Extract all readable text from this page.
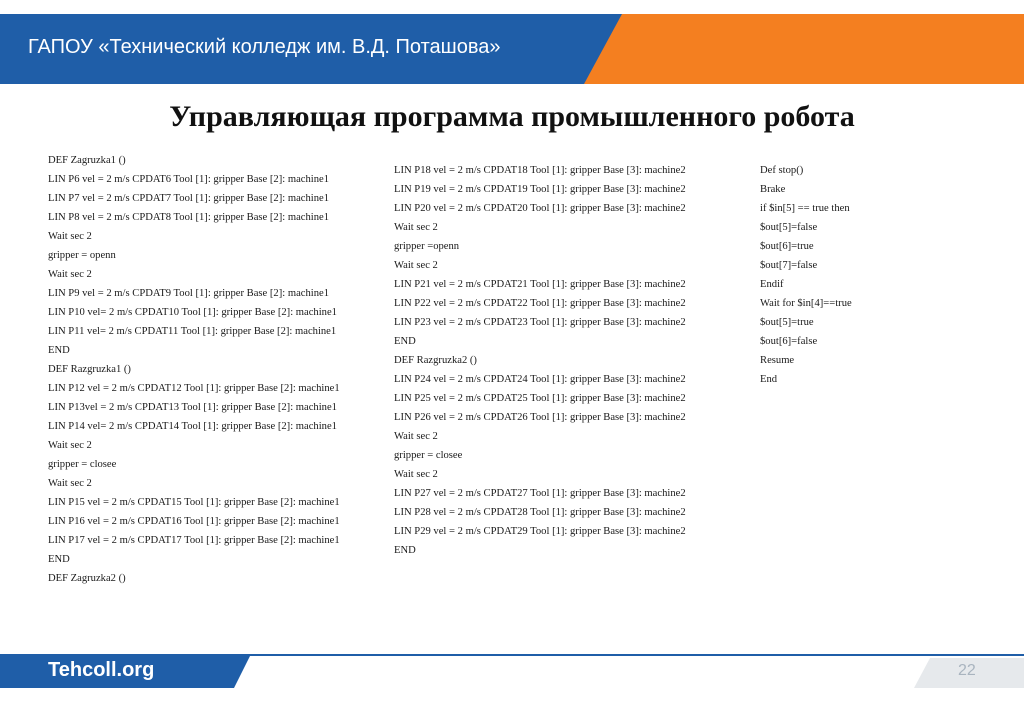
ГАПОУ «Технический колледж им. В.Д. Поташова»
Управляющая программа промышленного робота
DEF Zagruzka1 ()
LIN P6 vel = 2 m/s CPDAT6 Tool [1]: gripper Base [2]: machine1
LIN P7 vel = 2 m/s CPDAT7 Tool [1]: gripper Base [2]: machine1
LIN P8 vel = 2 m/s CPDAT8 Tool [1]: gripper Base [2]: machine1
Wait sec 2
gripper = openn
Wait sec 2
LIN P9 vel = 2 m/s CPDAT9 Tool [1]: gripper Base [2]: machine1
LIN P10 vel= 2 m/s CPDAT10 Tool [1]: gripper Base [2]: machine1
LIN P11 vel= 2 m/s CPDAT11 Tool [1]: gripper Base [2]: machine1
END
DEF Razgruzka1 ()
LIN P12 vel = 2 m/s CPDAT12 Tool [1]: gripper Base [2]: machine1
LIN P13vel = 2 m/s CPDAT13 Tool [1]: gripper Base [2]: machine1
LIN P14 vel= 2 m/s CPDAT14 Tool [1]: gripper Base [2]: machine1
Wait sec 2
gripper = closee
Wait sec 2
LIN P15 vel = 2 m/s CPDAT15 Tool [1]: gripper Base [2]: machine1
LIN P16 vel = 2 m/s CPDAT16 Tool [1]: gripper Base [2]: machine1
LIN P17 vel = 2 m/s CPDAT17 Tool [1]: gripper Base [2]: machine1
END
DEF Zagruzka2 ()
LIN P18 vel = 2 m/s CPDAT18 Tool [1]: gripper Base [3]: machine2
LIN P19 vel = 2 m/s CPDAT19 Tool [1]: gripper Base [3]: machine2
LIN P20 vel = 2 m/s CPDAT20 Tool [1]: gripper Base [3]: machine2
Wait sec 2
gripper =openn
Wait sec 2
LIN P21 vel = 2 m/s CPDAT21 Tool [1]: gripper Base [3]: machine2
LIN P22 vel = 2 m/s CPDAT22 Tool [1]: gripper Base [3]: machine2
LIN P23 vel = 2 m/s CPDAT23 Tool [1]: gripper Base [3]: machine2
END
DEF Razgruzka2 ()
LIN P24 vel = 2 m/s CPDAT24 Tool [1]: gripper Base [3]: machine2
LIN P25 vel = 2 m/s CPDAT25 Tool [1]: gripper Base [3]: machine2
LIN P26 vel = 2 m/s CPDAT26 Tool [1]: gripper Base [3]: machine2
Wait sec 2
gripper = closee
Wait sec 2
LIN P27 vel = 2 m/s CPDAT27 Tool [1]: gripper Base [3]: machine2
LIN P28 vel = 2 m/s CPDAT28 Tool [1]: gripper Base [3]: machine2
LIN P29 vel = 2 m/s CPDAT29 Tool [1]: gripper Base [3]: machine2
END
Def stop()
Brake
if $in[5] == true then
$out[5]=false
$out[6]=true
$out[7]=false
Endif
Wait for $in[4]==true
$out[5]=true
$out[6]=false
Resume
End
Tehcoll.org	22
